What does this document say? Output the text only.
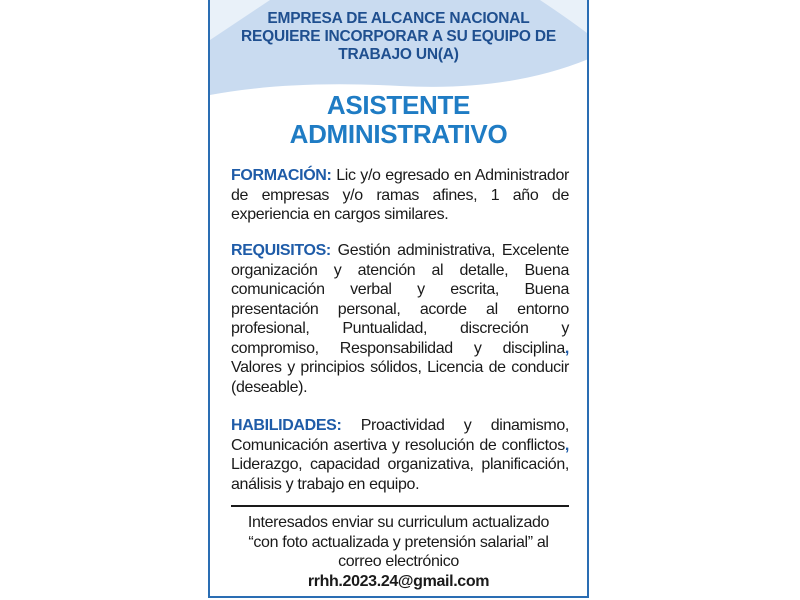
EMPRESA DE ALCANCE NACIONAL
REQUIERE INCORPORAR A SU EQUIPO DE
TRABAJO UN(A)
ASISTENTE
ADMINISTRATIVO
FORMACIÓN: Lic y/o egresado en Administrador de empresas y/o ramas afines, 1 año de experiencia en cargos similares.
REQUISITOS: Gestión administrativa, Excelente organización y atención al detalle, Buena comunicación verbal y escrita, Buena presentación personal, acorde al entorno profesional, Puntualidad, discreción y compromiso, Responsabilidad y disciplina, Valores y principios sólidos, Licencia de conducir (deseable).
HABILIDADES: Proactividad y dinamismo, Comunicación asertiva y resolución de conflictos, Liderazgo, capacidad organizativa, planificación, análisis y trabajo en equipo.
Interesados enviar su curriculum actualizado
“con foto actualizada y pretensión salarial” al
correo electrónico
rrhh.2023.24@gmail.com
